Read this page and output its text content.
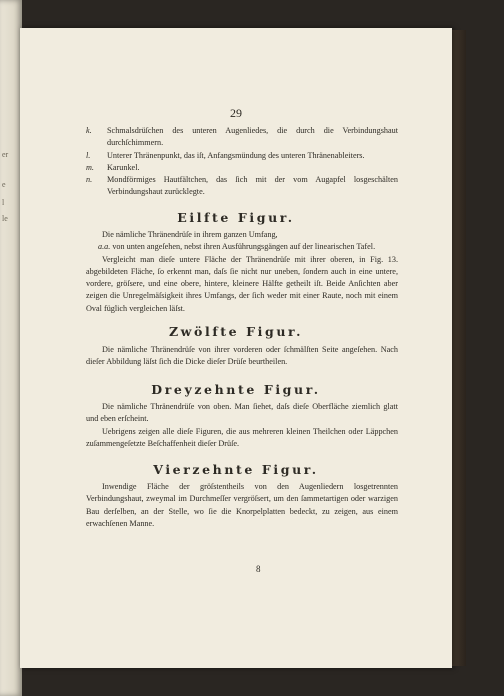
er
e
l
le
29
k. Schmalsdrüſchen des unteren Augenliedes, die durch die Verbindungshaut durchſchimmern.
l. Unterer Thränenpunkt, das iſt, Anfangsmündung des unteren Thränenableiters.
m. Karunkel.
n. Mondförmiges Hautfältchen, das ſich mit der vom Augapfel losgeschälten Verbindungshaut zurücklegte.
Eilfte Figur.

Die nämliche Thränendrüſe in ihrem ganzen Umfang,

a.a. von unten angeſehen, nebst ihren Ausführungsgängen auf der linearischen Tafel.

Vergleicht man dieſe untere Fläche der Thränendrüſe mit ihrer oberen, in Fig. 13. abgebildeten Fläche, ſo erkennt man, daſs ſie nicht nur uneben, ſondern auch in eine untere, vordere, gröſsere, und eine obere, hintere, kleinere Hälfte getheilt iſt. Beide Anſichten aber zeigen die Unregelmäſsigkeit ihres Umfangs, der ſich weder mit einer Raute, noch mit einem Oval füglich vergleichen läſst.

Zwölfte Figur.

Die nämliche Thränendrüſe von ihrer vorderen oder ſchmälſten Seite angeſehen. Nach dieſer Abbildung läſst ſich die Dicke dieſer Drüſe beurtheilen.

Dreyzehnte Figur.

Die nämliche Thränendrüſe von oben. Man ſiehet, daſs dieſe Oberfläche ziemlich glatt und eben erſcheint.

Uebrigens zeigen alle dieſe Figuren, die aus mehreren kleinen Theilchen oder Läppchen zuſammengeſetzte Beſchaffenheit dieſer Drüſe.

Vierzehnte Figur.

Inwendige Fläche der gröſstentheils von den Augenliedern losgetrennten Verbindungshaut, zweymal im Durchmeſſer vergröſsert, um den ſammetartigen oder warzigen Bau derſelben, an der Stelle, wo ſie die Knorpelplatten bedeckt, zu zeigen, aus einem erwachſenen Manne.

8
